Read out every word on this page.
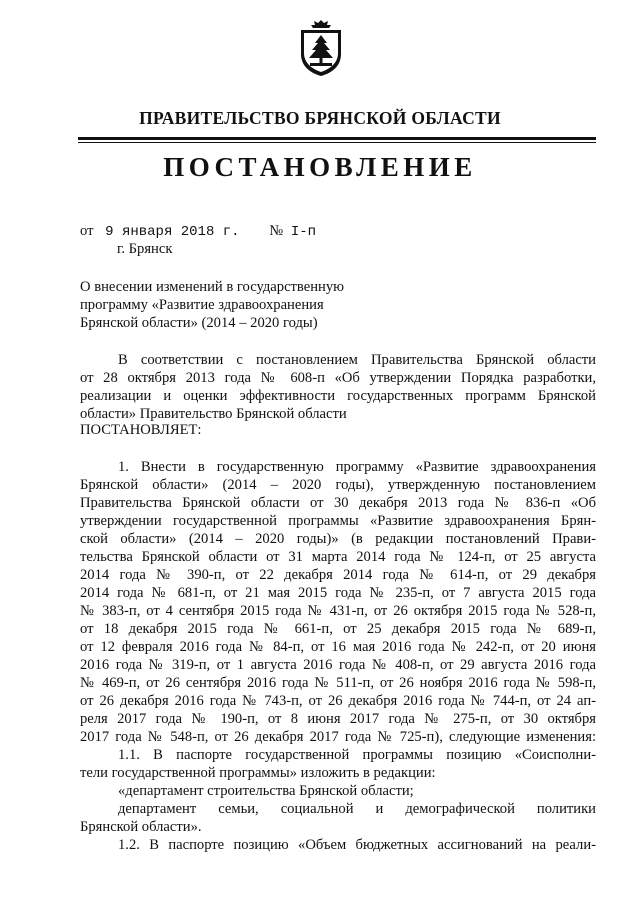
ПРАВИТЕЛЬСТВО БРЯНСКОЙ ОБЛАСТИ
ПОСТАНОВЛЕНИЕ
от 9 января 2018 г. № I-п
г. Брянск
О внесении изменений в государственную
программу «Развитие здравоохранения
Брянской области» (2014 – 2020 годы)
В соответствии с постановлением Правительства Брянской области
от 28 октября 2013 года № 608-п «Об утверждении Порядка разработки,
реализации и оценки эффективности государственных программ Брянской
области» Правительство Брянской области
ПОСТАНОВЛЯЕТ:
1. Внести в государственную программу «Развитие здравоохранения
Брянской области» (2014 – 2020 годы), утвержденную постановлением
Правительства Брянской области от 30 декабря 2013 года № 836-п «Об
утверждении государственной программы «Развитие здравоохранения Брян-
ской области» (2014 – 2020 годы)» (в редакции постановлений Прави-
тельства Брянской области от 31 марта 2014 года № 124-п, от 25 августа
2014 года № 390-п, от 22 декабря 2014 года № 614-п, от 29 декабря
2014 года № 681-п, от 21 мая 2015 года № 235-п, от 7 августа 2015 года
№ 383-п, от 4 сентября 2015 года № 431-п, от 26 октября 2015 года № 528-п,
от 18 декабря 2015 года № 661-п, от 25 декабря 2015 года № 689-п,
от 12 февраля 2016 года № 84-п, от 16 мая 2016 года № 242-п, от 20 июня
2016 года № 319-п, от 1 августа 2016 года № 408-п, от 29 августа 2016 года
№ 469-п, от 26 сентября 2016 года № 511-п, от 26 ноября 2016 года № 598-п,
от 26 декабря 2016 года № 743-п, от 26 декабря 2016 года № 744-п, от 24 ап-
реля 2017 года № 190-п, от 8 июня 2017 года № 275-п, от 30 октября
2017 года № 548-п, от 26 декабря 2017 года № 725-п), следующие изменения:
1.1. В паспорте государственной программы позицию «Соисполни-
тели государственной программы» изложить в редакции:
«департамент строительства Брянской области;
департамент семьи, социальной и демографической политики
Брянской области».
1.2. В паспорте позицию «Объем бюджетных ассигнований на реали-
